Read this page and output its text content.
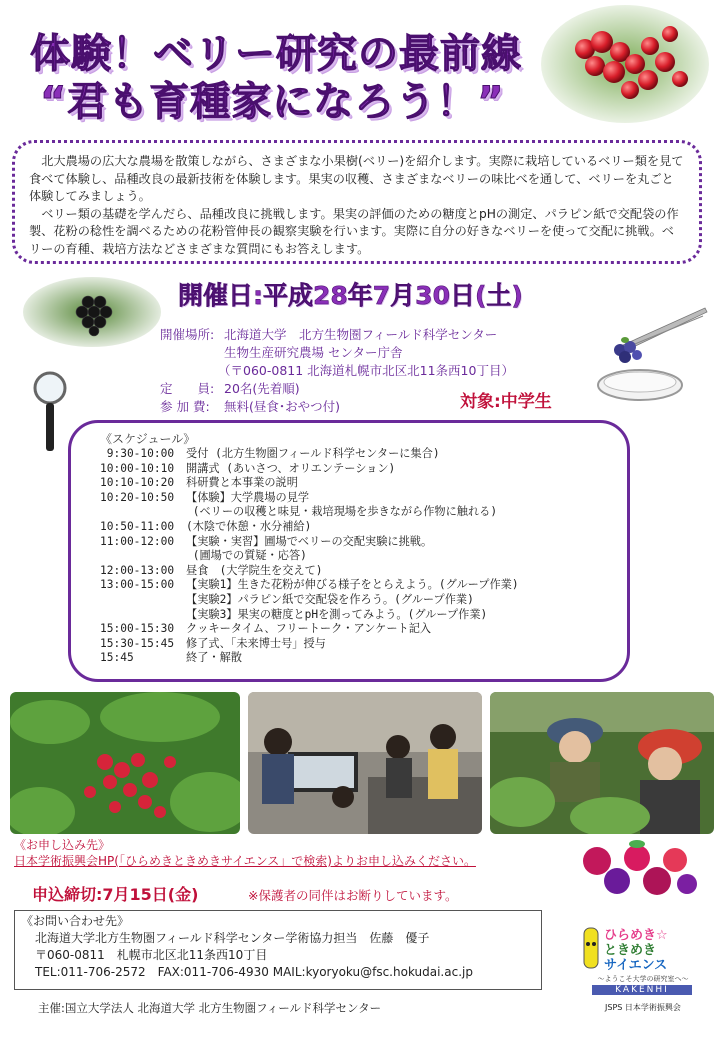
体験！ベリー研究の最前線
“君も育種家になろう！”

北大農場の広大な農場を散策しながら、さまざまな小果樹(ベリー)を紹介します。実際に栽培しているベリー類を見て食べて体験し、品種改良の最新技術を体験します。果実の収穫、さまざまなベリーの味比べを通して、ベリーを丸ごと体験してみましょう。

ベリー類の基礎を学んだら、品種改良に挑戦します。果実の評価のための糖度とpHの測定、パラピン紙で交配袋の作製、花粉の稔性を調べるための花粉管伸長の観察実験を行います。実際に自分の好きなベリーを使って交配に挑戦。ベリーの育種、栽培方法などさまざまな質問にもお答えします。

開催日:平成28年7月30日(土)
開催場所: 北海道大学　北方生物圏フィールド科学センター
生物生産研究農場 センター庁舎
（〒060-0811 北海道札幌市北区北11条西10丁目）
定　　員: 20名(先着順)
参 加 費:	無料(昼食･おやつ付)	対象:中学生
《スケジュール》
9:30-10:00 受付 (北方生物圏フィールド科学センターに集合)
10:00-10:10 開講式 (あいさつ、オリエンテーション)
10:10-10:20 科研費と本事業の説明
10:20-10:50 【体験】大学農場の見学
(ベリーの収穫と味見・栽培現場を歩きながら作物に触れる)
10:50-11:00 (木陰で休憩・水分補給)
11:00-12:00 【実験・実習】圃場でベリーの交配実験に挑戦。
(圃場での質疑・応答)
12:00-13:00 昼食　(大学院生を交えて)
13:00-15:00 【実験1】生きた花粉が伸びる様子をとらえよう。(グループ作業)
【実験2】パラピン紙で交配袋を作ろう。(グループ作業)
【実験3】果実の糖度とpHを測ってみよう。(グループ作業)
15:00-15:30 クッキータイム、フリートーク・アンケート記入
15:30-15:45 修了式、「未来博士号」授与
15:45	終了・解散
《お申し込み先》
日本学術振興会HP(「ひらめきときめきサイエンス」で検索)よりお申し込みください。
申込締切:7月15日(金)	※保護者の同伴はお断りしています。
《お問い合わせ先》
北海道大学北方生物圏フィールド科学センター学術協力担当　佐藤　優子
〒060-0811　札幌市北区北11条西10丁目
TEL:011-706-2572　FAX:011-706-4930 MAIL:kyoryoku@fsc.hokudai.ac.jp
ひらめき☆
ときめき
サイエンス
～ようこそ大学の研究室へ～
KAKENHI
JSPS 日本学術振興会
主催:国立大学法人 北海道大学 北方生物圏フィールド科学センター
